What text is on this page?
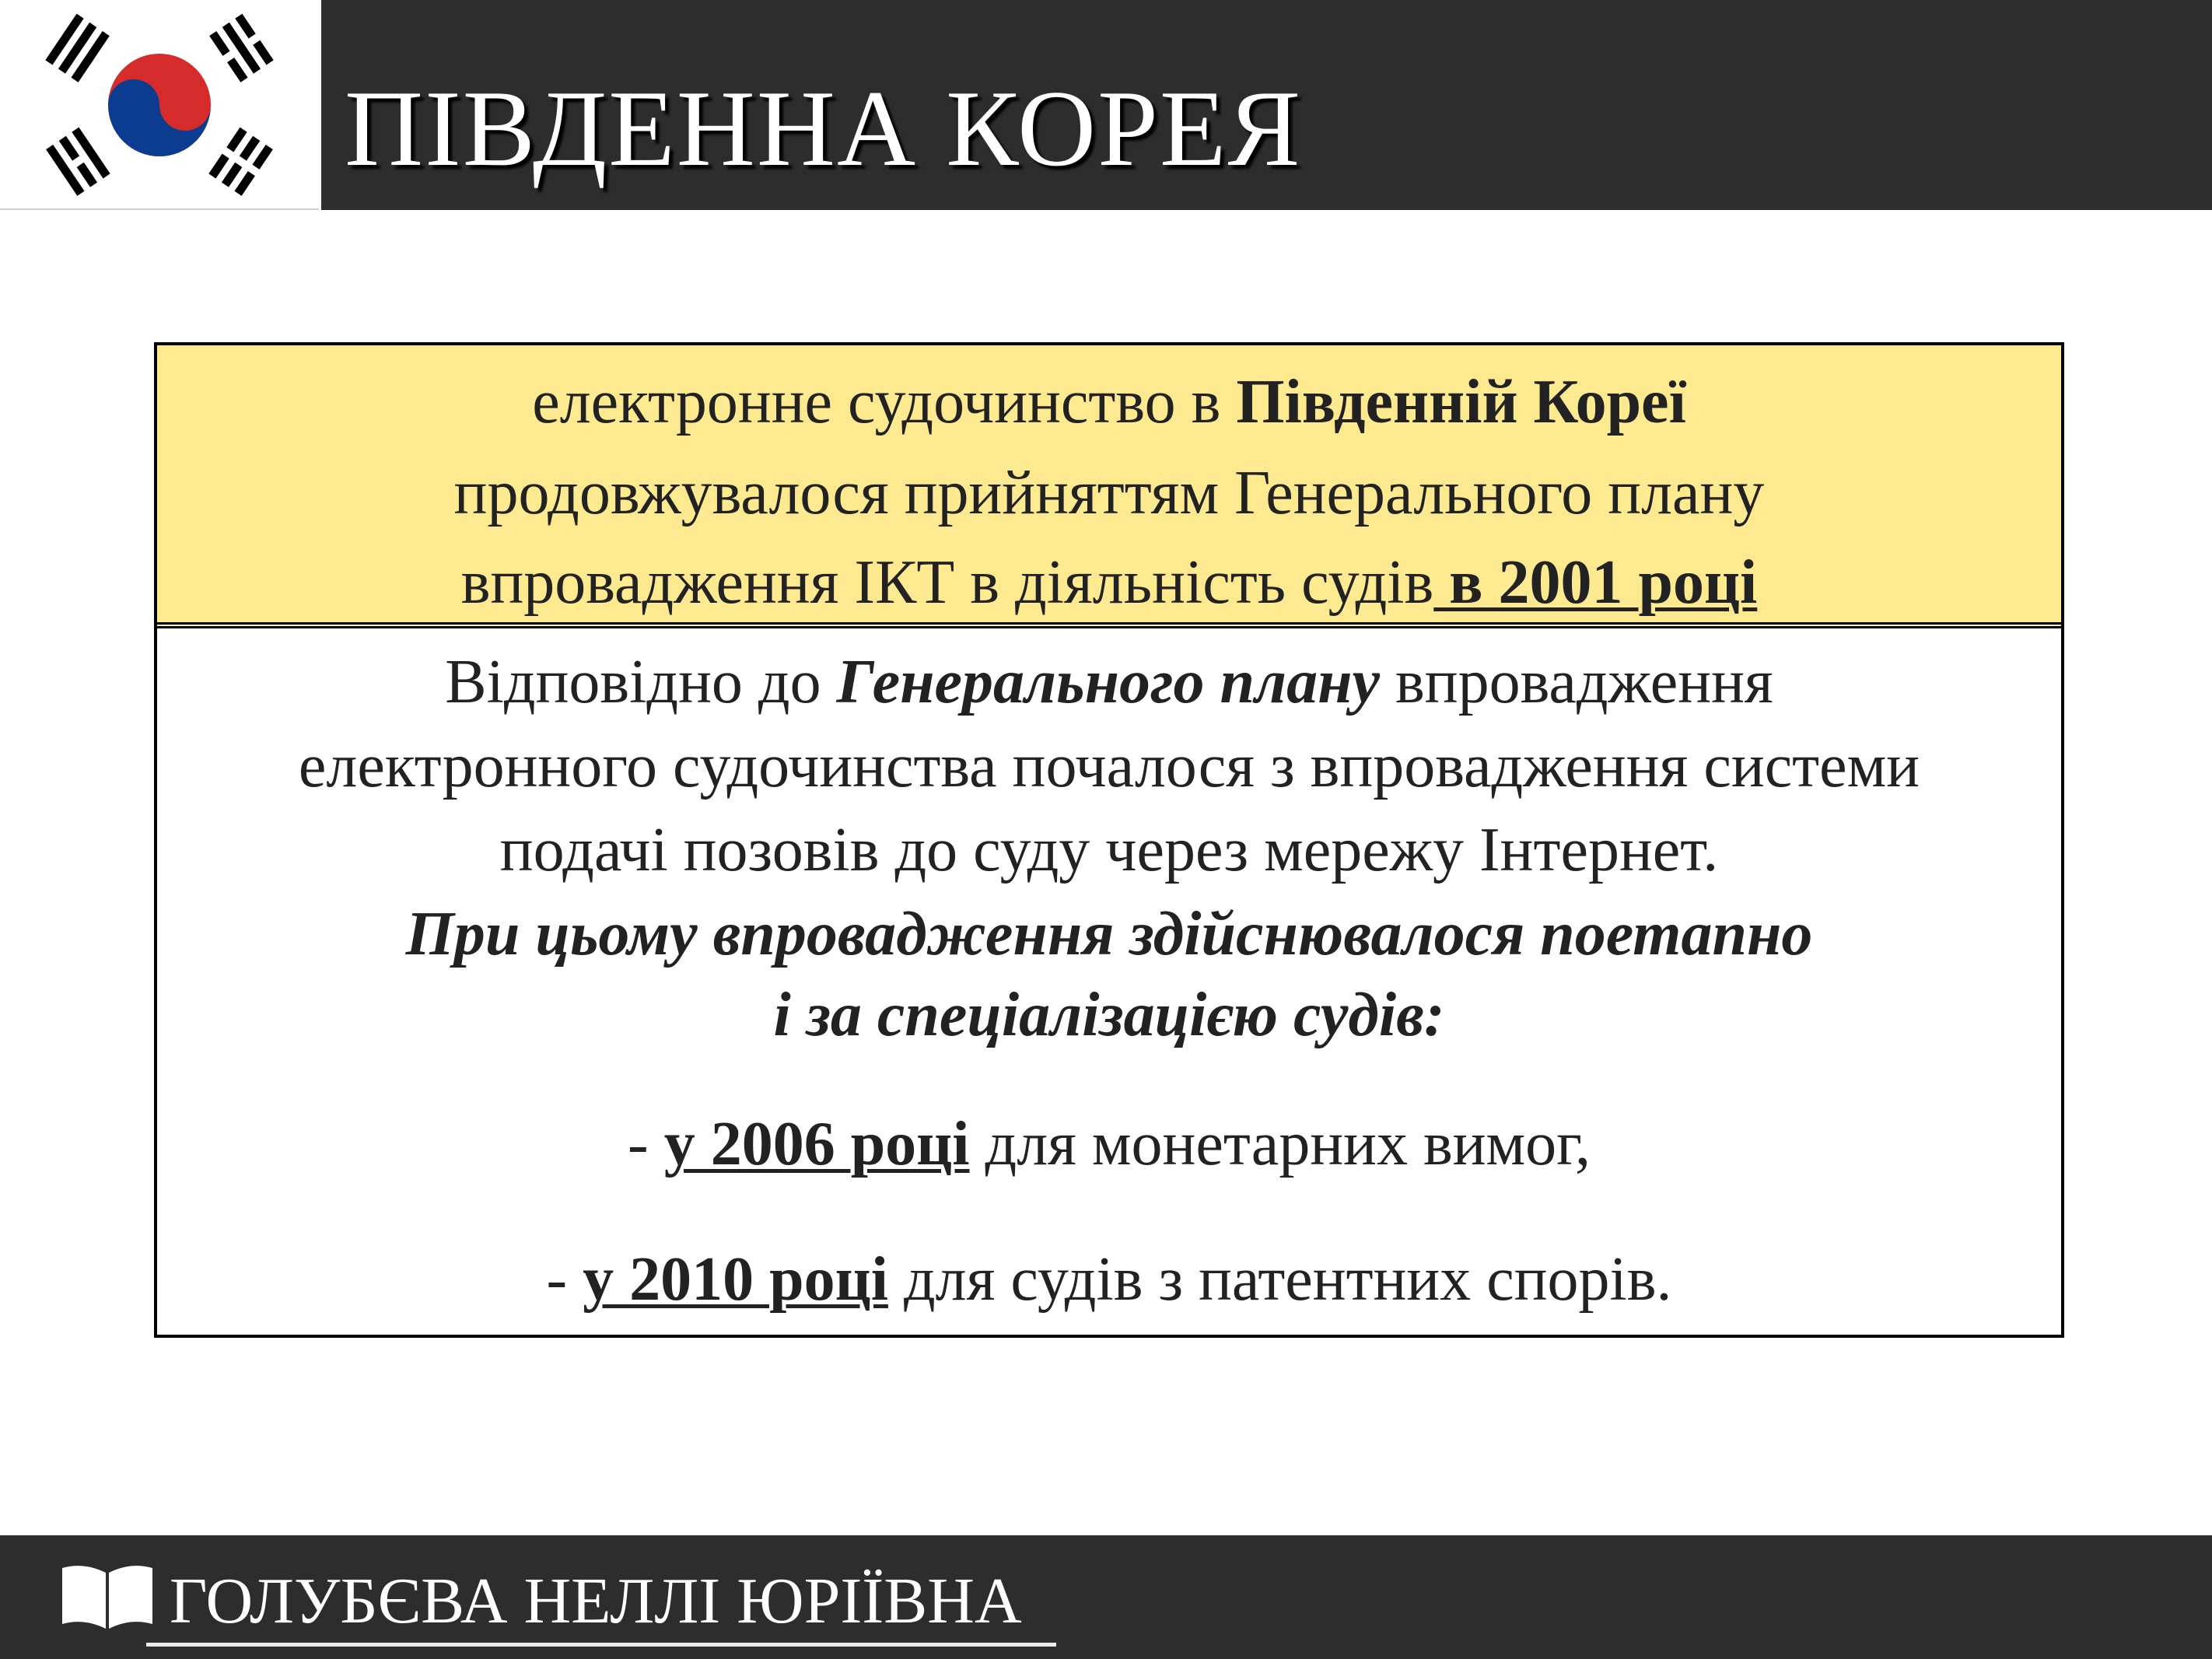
ПІВДЕННА КОРЕЯ
електронне судочинство в Південній Кореї
продовжувалося прийняттям Генерального плану
впровадження ІКТ в діяльність судів в 2001 році
Відповідно до Генерального плану впровадження
електронного судочинства почалося з впровадження системи
подачі позовів до суду через мережу Інтернет.
При цьому впровадження здійснювалося поетапно
і за спеціалізацією судів:
- у 2006 році для монетарних вимог,
- у 2010 році для судів з патентних спорів.
ГОЛУБЄВА НЕЛЛІ ЮРІЇВНА
